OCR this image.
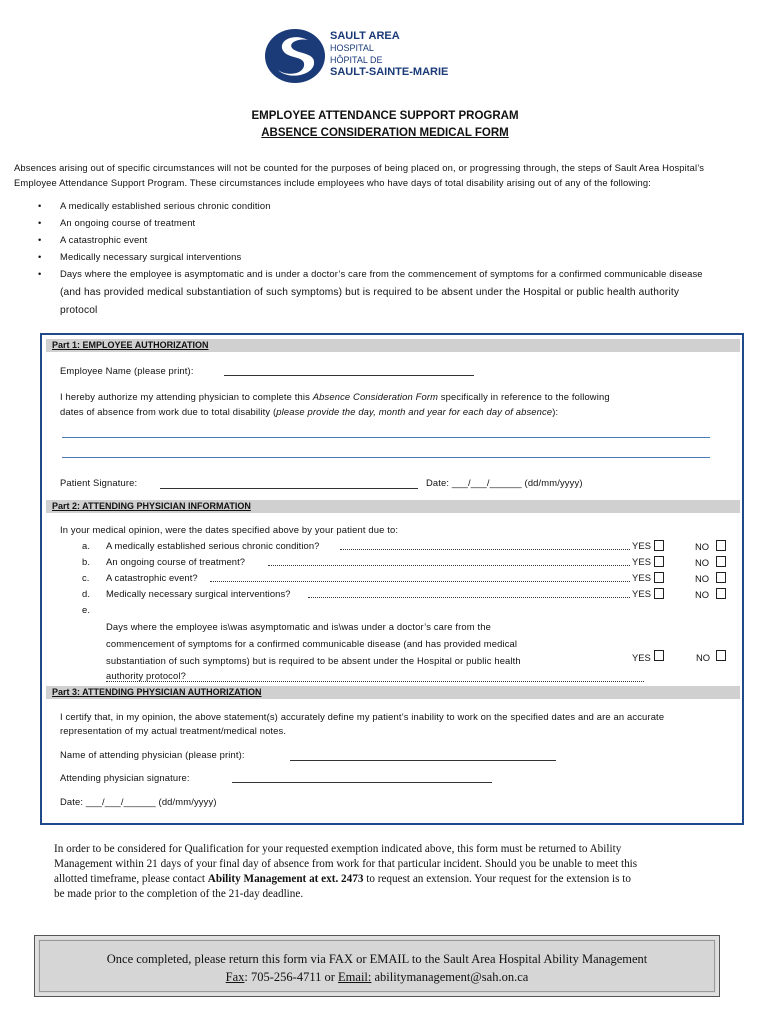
SAULT AREA
HOSPITAL
HÔPITAL DE
SAULT-SAINTE-MARIE
EMPLOYEE ATTENDANCE SUPPORT PROGRAM
ABSENCE CONSIDERATION MEDICAL FORM
Absences arising out of specific circumstances will not be counted for the purposes of being placed on, or progressing through, the steps of Sault Area Hospital’s
Employee Attendance Support Program. These circumstances include employees who have days of total disability arising out of any of the following:
• A medically established serious chronic condition
• An ongoing course of treatment
• A catastrophic event
• Medically necessary surgical interventions
• Days where the employee is asymptomatic and is under a doctor’s care from the commencement of symptoms for a confirmed communicable disease
(and has provided medical substantiation of such symptoms) but is required to be absent under the Hospital or public health authority
protocol
Part 1: EMPLOYEE AUTHORIZATION
Employee Name (please print):
I hereby authorize my attending physician to complete this Absence Consideration Form specifically in reference to the following
dates of absence from work due to total disability (please provide the day, month and year for each day of absence):
Patient Signature:	Date: ___/___/______ (dd/mm/yyyy)
Part 2: ATTENDING PHYSICIAN INFORMATION
In your medical opinion, were the dates specified above by your patient due to:
a. A medically established serious chronic condition?	YES	NO
b. An ongoing course of treatment?	YES	NO
c. A catastrophic event?	YES	NO
d. Medically necessary surgical interventions?	YES	NO
e.
Days where the employee is\was asymptomatic and is\was under a doctor’s care from the
commencement of symptoms for a confirmed communicable disease (and has provided medical
substantiation of such symptoms) but is required to be absent under the Hospital or public health
authority protocol?
YES	NO
Part 3: ATTENDING PHYSICIAN AUTHORIZATION
I certify that, in my opinion, the above statement(s) accurately define my patient’s inability to work on the specified dates and are an accurate
representation of my actual treatment/medical notes.
Name of attending physician (please print):
Attending physician signature:
Date: ___/___/______ (dd/mm/yyyy)
In order to be considered for Qualification for your requested exemption indicated above, this form must be returned to Ability
Management within 21 days of your final day of absence from work for that particular incident. Should you be unable to meet this
allotted timeframe, please contact Ability Management at ext. 2473 to request an extension. Your request for the extension is to
be made prior to the completion of the 21-day deadline.
Once completed, please return this form via FAX or EMAIL to the Sault Area Hospital Ability Management
Fax: 705-256-4711 or Email: abilitymanagement@sah.on.ca
